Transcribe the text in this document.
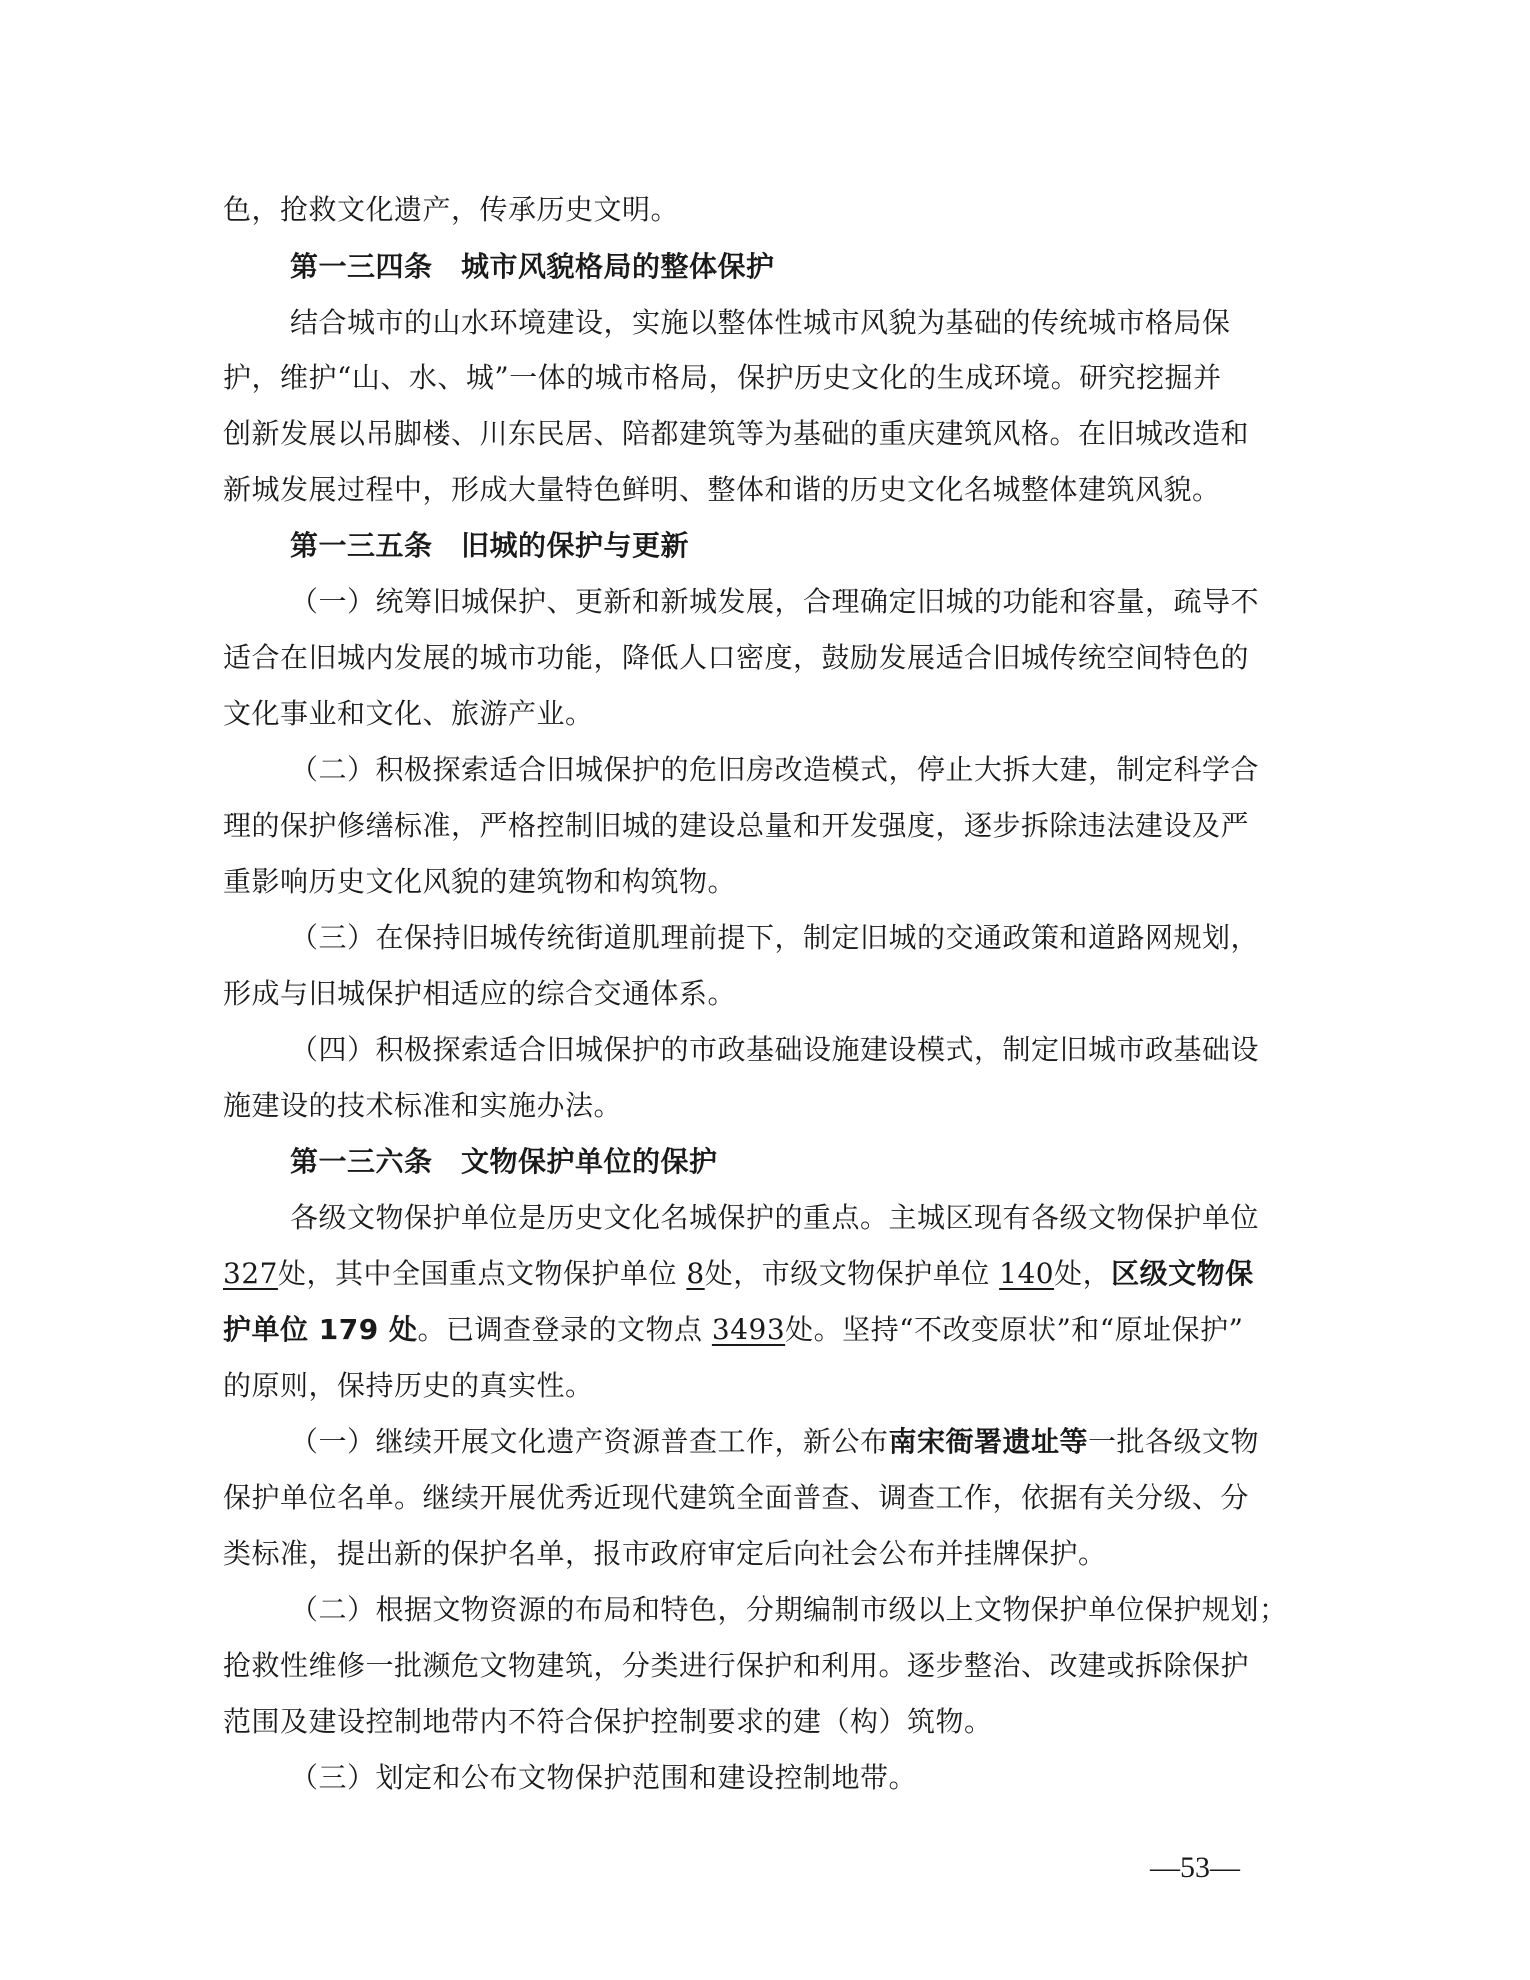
色，抢救文化遗产，传承历史文明。
第一三四条　城市风貌格局的整体保护
结合城市的山水环境建设，实施以整体性城市风貌为基础的传统城市格局保
护，维护“山、水、城”一体的城市格局，保护历史文化的生成环境。研究挖掘并
创新发展以吊脚楼、川东民居、陪都建筑等为基础的重庆建筑风格。在旧城改造和
新城发展过程中，形成大量特色鲜明、整体和谐的历史文化名城整体建筑风貌。
第一三五条　旧城的保护与更新
（一）统筹旧城保护、更新和新城发展，合理确定旧城的功能和容量，疏导不
适合在旧城内发展的城市功能，降低人口密度，鼓励发展适合旧城传统空间特色的
文化事业和文化、旅游产业。
（二）积极探索适合旧城保护的危旧房改造模式，停止大拆大建，制定科学合
理的保护修缮标准，严格控制旧城的建设总量和开发强度，逐步拆除违法建设及严
重影响历史文化风貌的建筑物和构筑物。
（三）在保持旧城传统街道肌理前提下，制定旧城的交通政策和道路网规划，
形成与旧城保护相适应的综合交通体系。
（四）积极探索适合旧城保护的市政基础设施建设模式，制定旧城市政基础设
施建设的技术标准和实施办法。
第一三六条　文物保护单位的保护
各级文物保护单位是历史文化名城保护的重点。主城区现有各级文物保护单位
327处，其中全国重点文物保护单位 8处，市级文物保护单位 140处，区级文物保
护单位 179 处。已调查登录的文物点 3493处。坚持“不改变原状”和“原址保护”
的原则，保持历史的真实性。
（一）继续开展文化遗产资源普查工作，新公布南宋衙署遗址等一批各级文物
保护单位名单。继续开展优秀近现代建筑全面普查、调查工作，依据有关分级、分
类标准，提出新的保护名单，报市政府审定后向社会公布并挂牌保护。
（二）根据文物资源的布局和特色，分期编制市级以上文物保护单位保护规划；
抢救性维修一批濒危文物建筑，分类进行保护和利用。逐步整治、改建或拆除保护
范围及建设控制地带内不符合保护控制要求的建（构）筑物。
（三）划定和公布文物保护范围和建设控制地带。
—53—
